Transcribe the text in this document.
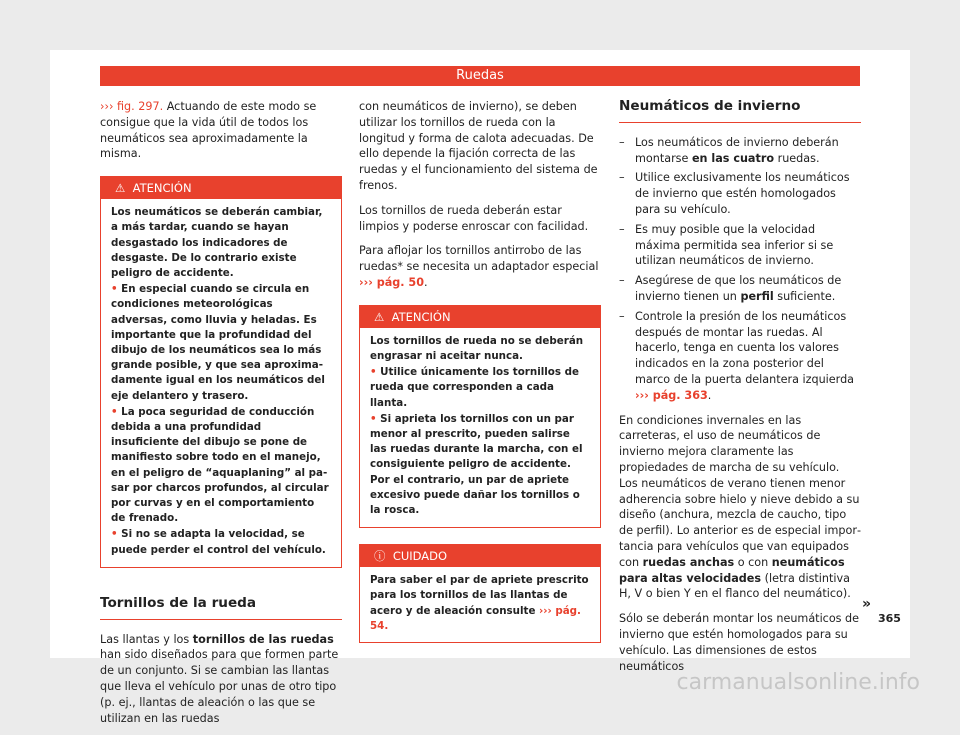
Ruedas

››› fig. 297. Actuando de este modo se consigue que la vida útil de todos los neumáticos sea aproximadamente la misma.

⚠ ATENCIÓN

Los neumáticos se deberán cambiar, a más tardar, cuando se hayan desgastado los indicadores de desgaste. De lo contrario existe peligro de accidente.

• En especial cuando se circula en condiciones meteorológicas adversas, como lluvia y heladas. Es importante que la profundidad del dibujo de los neumáticos sea lo más grande posible, y que sea aproximadamente igual en los neumáticos del eje delantero y trasero.

• La poca seguridad de conducción debida a una profundidad insuficiente del dibujo se pone de manifiesto sobre todo en el manejo, en el peligro de “aquaplaning” al pasar por charcos profundos, al circular por curvas y en el comportamiento de frenado.

• Si no se adapta la velocidad, se puede perder el control del vehículo.

Tornillos de la rueda

Las llantas y los tornillos de las ruedas han sido diseñados para que formen parte de un conjunto. Si se cambian las llantas que lleva el vehículo por unas de otro tipo (p. ej., llantas de aleación o las que se utilizan en las ruedas

con neumáticos de invierno), se deben utilizar los tornillos de rueda con la longitud y forma de calota adecuadas. De ello depende la fijación correcta de las ruedas y el funcionamiento del sistema de frenos.

Los tornillos de rueda deberán estar limpios y poderse enroscar con facilidad.

Para aflojar los tornillos antirrobo de las ruedas* se necesita un adaptador especial ››› pág. 50.

⚠ ATENCIÓN

Los tornillos de rueda no se deberán engrasar ni aceitar nunca.

• Utilice únicamente los tornillos de rueda que corresponden a cada llanta.

• Si aprieta los tornillos con un par menor al prescrito, pueden salirse las ruedas durante la marcha, con el consiguiente peligro de accidente. Por el contrario, un par de apriete excesivo puede dañar los tornillos o la rosca.

ⓘ CUIDADO
Para saber el par de apriete prescrito para los tornillos de las llantas de acero y de aleación consulte ››› pág. 54.
Neumáticos de invierno
– Los neumáticos de invierno deberán montarse en las cuatro ruedas.
– Utilice exclusivamente los neumáticos de invierno que estén homologados para su vehículo.
– Es muy posible que la velocidad máxima permitida sea inferior si se utilizan neumáticos de invierno.
– Asegúrese de que los neumáticos de invierno tienen un perfil suficiente.
– Controle la presión de los neumáticos después de montar las ruedas. Al hacerlo, tenga en cuenta los valores indicados en la zona posterior del marco de la puerta delantera izquierda ››› pág. 363.

En condiciones invernales en las carreteras, el uso de neumáticos de invierno mejora claramente las propiedades de marcha de su vehículo. Los neumáticos de verano tienen menor adherencia sobre hielo y nieve debido a su diseño (anchura, mezcla de caucho, tipo de perfil). Lo anterior es de especial importancia para vehículos que van equipados con ruedas anchas o con neumáticos para altas velocidades (letra distintiva H, V o bien Y en el flanco del neumático).

Sólo se deberán montar los neumáticos de invierno que estén homologados para su vehículo. Las dimensiones de estos neumáticos

»
365
carmanualsonline.info
